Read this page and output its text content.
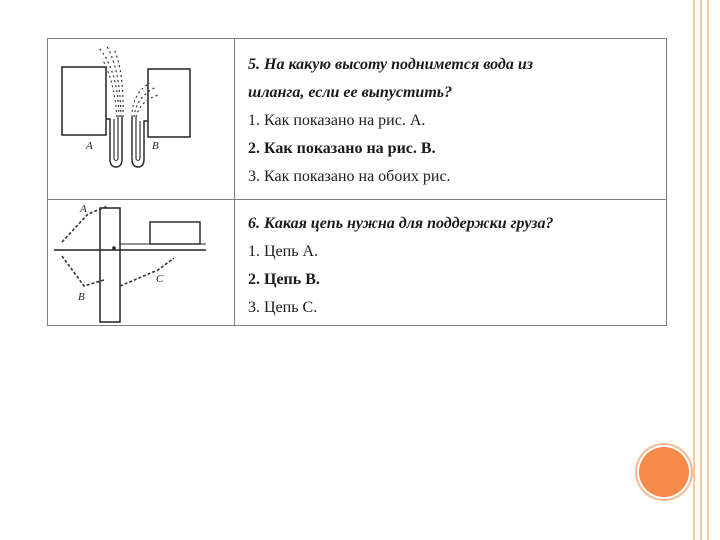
A	B
5. На какую высоту поднимется вода из
шланга, если ее выпустить?
1. Как показано на рис. А.
2. Как показано на рис. В.
3. Как показано на обоих рис.
A
B
C
6. Какая цепь нужна для поддержки груза?
1. Цепь А.
2. Цепь В.
3. Цепь С.
